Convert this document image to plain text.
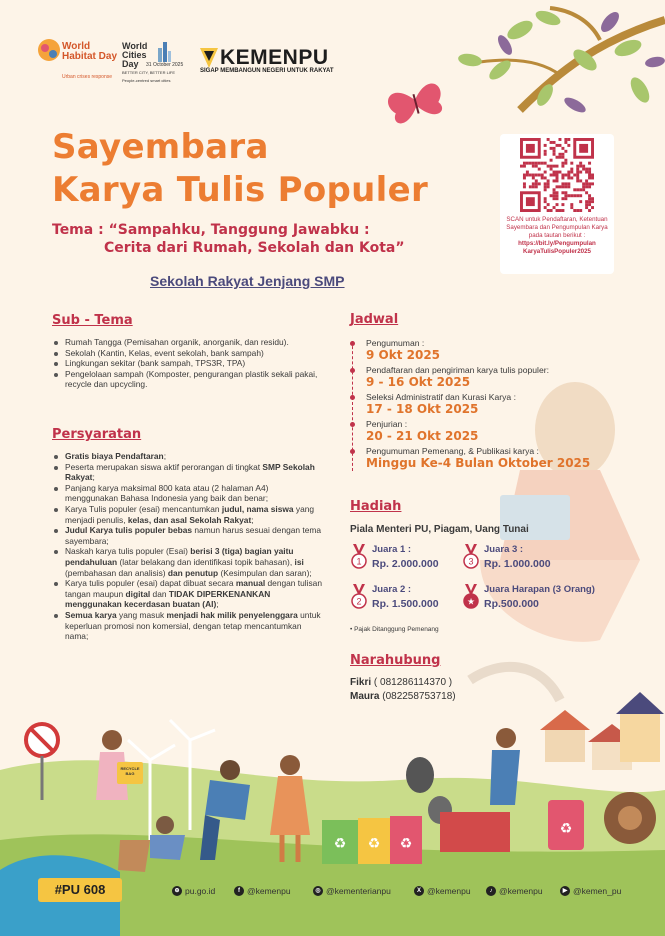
♻ ♻ ♻
♻
World Habitat Day
Urban crises response
World Cities Day	31 October 2025
BETTER CITY, BETTER LIFE
People-centred smart cities
KEMENPU
SIGAP MEMBANGUN NEGERI UNTUK RAKYAT
Sayembara
Karya Tulis Populer
Tema : “Sampahku, Tanggung Jawabku :
Cerita dari Rumah, Sekolah dan Kota”
Sekolah Rakyat Jenjang SMP
SCAN untuk Pendaftaran, Ketentuan Sayembara dan Pengumpulan Karya pada tautan berikut :
https://bit.ly/Pengumpulan
KaryaTulisPopuler2025
Sub - Tema
Rumah Tangga (Pemisahan organik, anorganik, dan residu).
Sekolah (Kantin, Kelas, event sekolah, bank sampah)
Lingkungan sekitar (bank sampah, TPS3R, TPA)
Pengelolaan sampah (Komposter, pengurangan plastik sekali pakai, recycle dan upcycling.
Persyaratan
Gratis biaya Pendaftaran;
Peserta merupakan siswa aktif perorangan di tingkat SMP Sekolah Rakyat;
Panjang karya maksimal 800 kata atau (2 halaman A4) menggunakan Bahasa Indonesia yang baik dan benar;
Karya Tulis populer (esai) mencantumkan judul, nama siswa yang menjadi penulis, kelas, dan asal Sekolah Rakyat;
Judul Karya tulis populer bebas namun harus sesuai dengan tema sayembara;
Naskah karya tulis populer (Esai) berisi 3 (tiga) bagian yaitu pendahuluan (latar belakang dan identifikasi topik bahasan), isi (pembahasan dan analisis) dan penutup (Kesimpulan dan saran);
Karya tulis populer (esai) dapat dibuat secara manual dengan tulisan tangan maupun digital dan TIDAK DIPERKENANKAN menggunakan kecerdasan buatan (AI);
Semua karya yang masuk menjadi hak milik penyelenggara untuk keperluan promosi non komersial, dengan tetap mencantumkan nama;
Jadwal
Pengumuman :
9 Okt 2025
Pendaftaran dan pengiriman karya tulis populer:
9 - 16 Okt 2025
Seleksi Administratif dan Kurasi Karya :
17 - 18 Okt 2025
Penjurian :
20 - 21 Okt 2025
Pengumuman Pemenang, & Publikasi karya :
Minggu Ke-4 Bulan Oktober 2025
Hadiah
Piala Menteri PU, Piagam, Uang Tunai
1
Juara 1 :
Rp. 2.000.000	3
Juara 3 :
Rp. 1.000.000
2
Juara 2 :
Rp. 1.500.000	★
Juara Harapan (3 Orang)
Rp.500.000
• Pajak Ditanggung Pemenang
Narahubung
Fikri ( 081286114370 )
Maura (082258753718)
RECYCLE BAG
#PU 608	⊕ pu.go.id	f @kemenpu	◎ @kementerianpu	X @kemenpu	♪ @kemenpu	▶ @kemen_pu
